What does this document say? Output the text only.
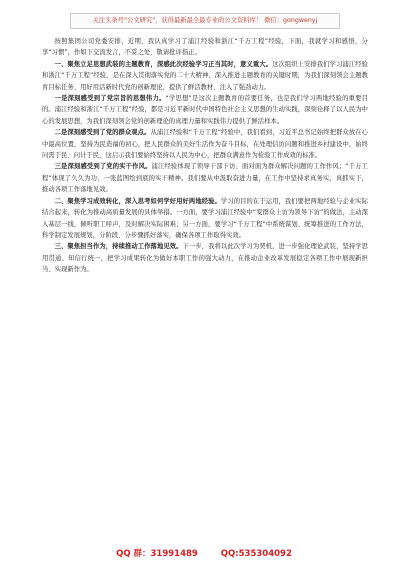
关注头条号"公文研究"，获得最新最全最专业的公文资料库！ 微信：gongwenyj

按照集团公司党委安排，近期，我认真学习了浦江经验和浙江“千万工程”经验，下面，我就学习和感悟，分享“习惯”，作如下交流发言，不妥之处，敬请批评指正。

一、聚焦立足思想武装的主题教育，深感此次经验学习正当其时，意义重大。这次组织上安排我们学习浦江经验和浙江“千万工程”经验，是在深入贯彻落实党的二十大精神、深入推进主题教育的关键时期，为我们深刻领会主题教育目标任务、用好用活新时代党的创新理论，提供了鲜活教材、注入了强劲动力。

一是深刻感受到了党宗旨的思想伟力。“学思想”是这次主题教育的首要任务，也是我们学习两地经验的重要目的。浦江经验和浙江“千万工程”经验，都是习近平新时代中国特色社会主义思想的生动实践，深刻诠释了以人民为中心的发展思想，为我们深刻领会党的创新理论的真理力量和实践伟力提供了鲜活样本。

二是深刻感受到了党的群众观点。从浦江经验和“千万工程”经验中，我们看到，习近平总书记始终把群众放在心中最高位置，坚持为民造福的初心，把人民群众的美好生活作为奋斗目标，在处理信访问题和推进乡村建设中，始终问需于民、问计于民，这启示我们要始终坚持以人民为中心，把群众满意作为检验工作成效的标准。

三是深刻感受到了党的实干作风。浦江经验体现了领导干部下访、面对面为群众解决问题的工作作风；“千万工程”体现了久久为功、一张蓝图绘到底的实干精神。我们要从中汲取奋进力量，在工作中坚持求真务实，真抓实干，推动各项工作落地见效。

二、聚焦学习成效转化，深入思考如何学好用好两地经验。学习的目的在于运用，我们要把两地经验与企业实际结合起来，转化为推动高质量发展的具体举措。一方面，要学习浦江经验中“变群众上访为领导下访”的做法，主动深入基层一线，倾听职工呼声，及时解决实际困难；另一方面，要学习“千万工程”中系统谋划、统筹推进的工作方法，科学制定发展规划，分阶段、分步骤抓好落实，确保各项工作取得实效。

三、聚焦担当作为，持续推动工作落地见效。下一步，我将以此次学习为契机，进一步强化理论武装，坚持学思用贯通、知信行统一，把学习成果转化为做好本职工作的强大动力，在推动企业改革发展稳定各项工作中展现新担当、实现新作为。

QQ 群：31991489	QQ:535304092
